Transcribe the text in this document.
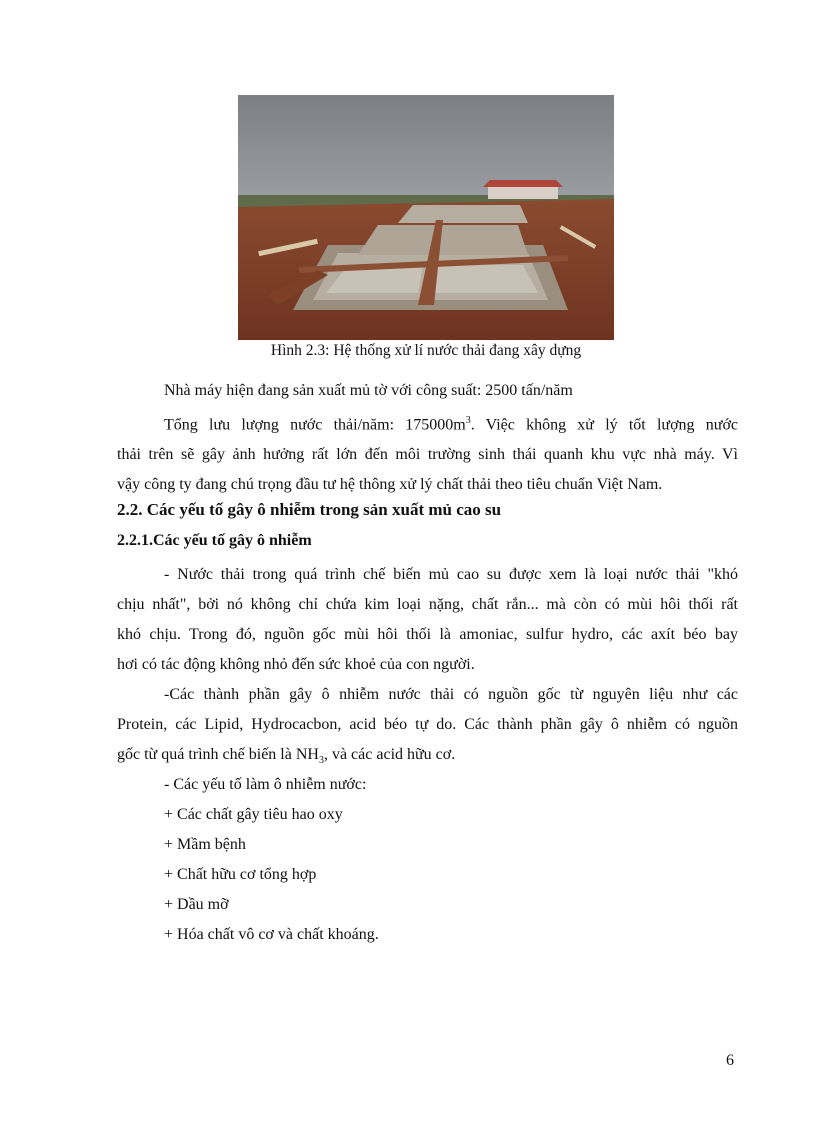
Hình 2.3: Hệ thống xử lí nước thải đang xây dựng
Nhà máy hiện đang sản xuất mủ tờ với công suất: 2500 tấn/năm
Tổng lưu lượng nước thải/năm: $175000m^3$. Việc không xử lý tốt lượng nước
thải trên sẽ gây ảnh hưởng rất lớn đến môi trường sinh thái quanh khu vực nhà máy. Vì
vậy công ty đang chú trọng đầu tư hệ thông xử lý chất thải theo tiêu chuẩn Việt Nam.
2.2. Các yếu tố gây ô nhiễm trong sản xuất mủ cao su
2.2.1.Các yếu tố gây ô nhiễm
- Nước thải trong quá trình chế biến mủ cao su được xem là loại nước thải "khó
chịu nhất", bởi nó không chỉ chứa kim loại nặng, chất rắn... mà còn có mùi hôi thối rất
khó chịu. Trong đó, nguồn gốc mùi hôi thối là amoniac, sulfur hydro, các axít béo bay
hơi có tác động không nhỏ đến sức khoẻ của con người.
-Các thành phần gây ô nhiễm nước thải có nguồn gốc từ nguyên liệu như các
Protein, các Lipid, Hydrocacbon, acid béo tự do. Các thành phần gây ô nhiễm có nguồn
gốc từ quá trình chế biến là $NH_3$, và các acid hữu cơ.
- Các yếu tố làm ô nhiễm nước:
+ Các chất gây tiêu hao oxy
+ Mầm bệnh
+ Chất hữu cơ tổng hợp
+ Dầu mỡ
+ Hóa chất vô cơ và chất khoáng.
6
